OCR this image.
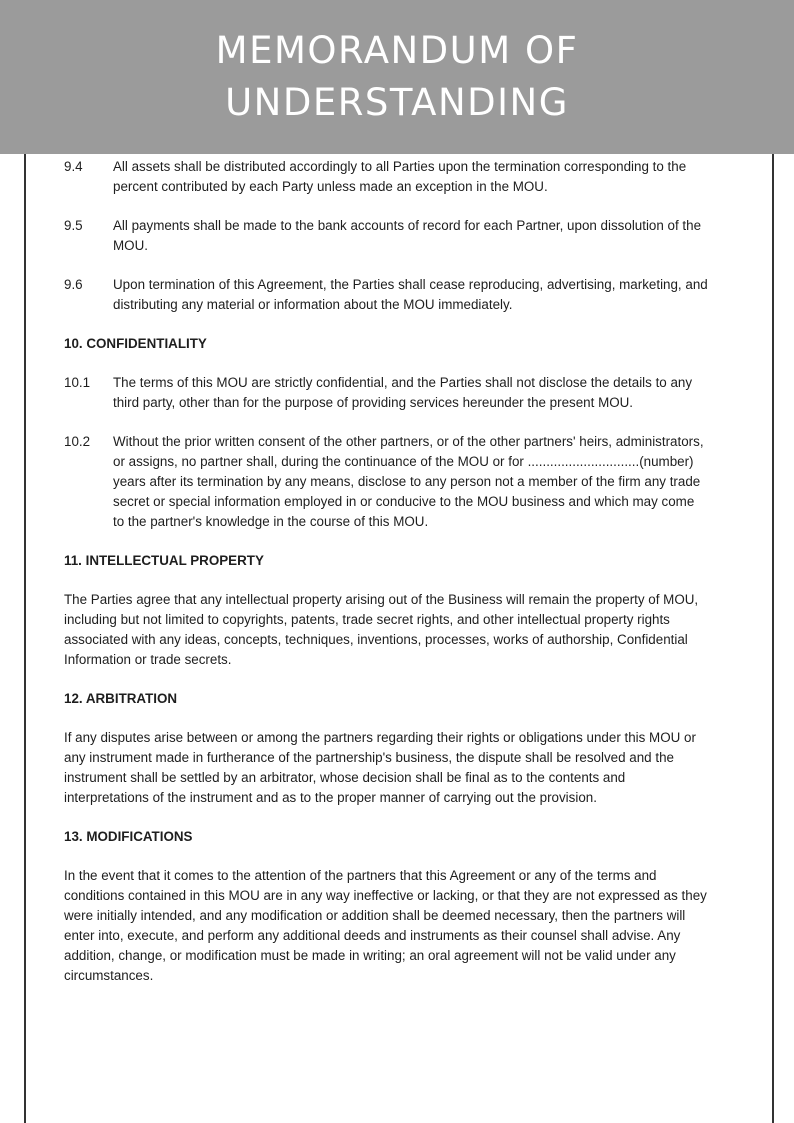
MEMORANDUM OF
UNDERSTANDING
9.4	All assets shall be distributed accordingly to all Parties upon the termination corresponding to the percent contributed by each Party unless made an exception in the MOU.
9.5	All payments shall be made to the bank accounts of record for each Partner, upon dissolution of the MOU.
9.6	Upon termination of this Agreement, the Parties shall cease reproducing, advertising, marketing, and distributing any material or information about the MOU immediately.
10. CONFIDENTIALITY
10.1	The terms of this MOU are strictly confidential, and the Parties shall not disclose the details to any third party, other than for the purpose of providing services hereunder the present MOU.
10.2	Without the prior written consent of the other partners, or of the other partners' heirs, administrators, or assigns, no partner shall, during the continuance of the MOU or for ..............................(number) years after its termination by any means, disclose to any person not a member of the firm any trade secret or special information employed in or conducive to the MOU business and which may come to the partner's knowledge in the course of this MOU.
11. INTELLECTUAL PROPERTY
The Parties agree that any intellectual property arising out of the Business will remain the property of MOU, including but not limited to copyrights, patents, trade secret rights, and other intellectual property rights associated with any ideas, concepts, techniques, inventions, processes, works of authorship, Confidential Information or trade secrets.
12. ARBITRATION
If any disputes arise between or among the partners regarding their rights or obligations under this MOU or any instrument made in furtherance of the partnership's business, the dispute shall be resolved and the instrument shall be settled by an arbitrator, whose decision shall be final as to the contents and interpretations of the instrument and as to the proper manner of carrying out the provision.
13. MODIFICATIONS
In the event that it comes to the attention of the partners that this Agreement or any of the terms and conditions contained in this MOU are in any way ineffective or lacking, or that they are not expressed as they were initially intended, and any modification or addition shall be deemed necessary, then the partners will enter into, execute, and perform any additional deeds and instruments as their counsel shall advise. Any addition, change, or modification must be made in writing; an oral agreement will not be valid under any circumstances.
